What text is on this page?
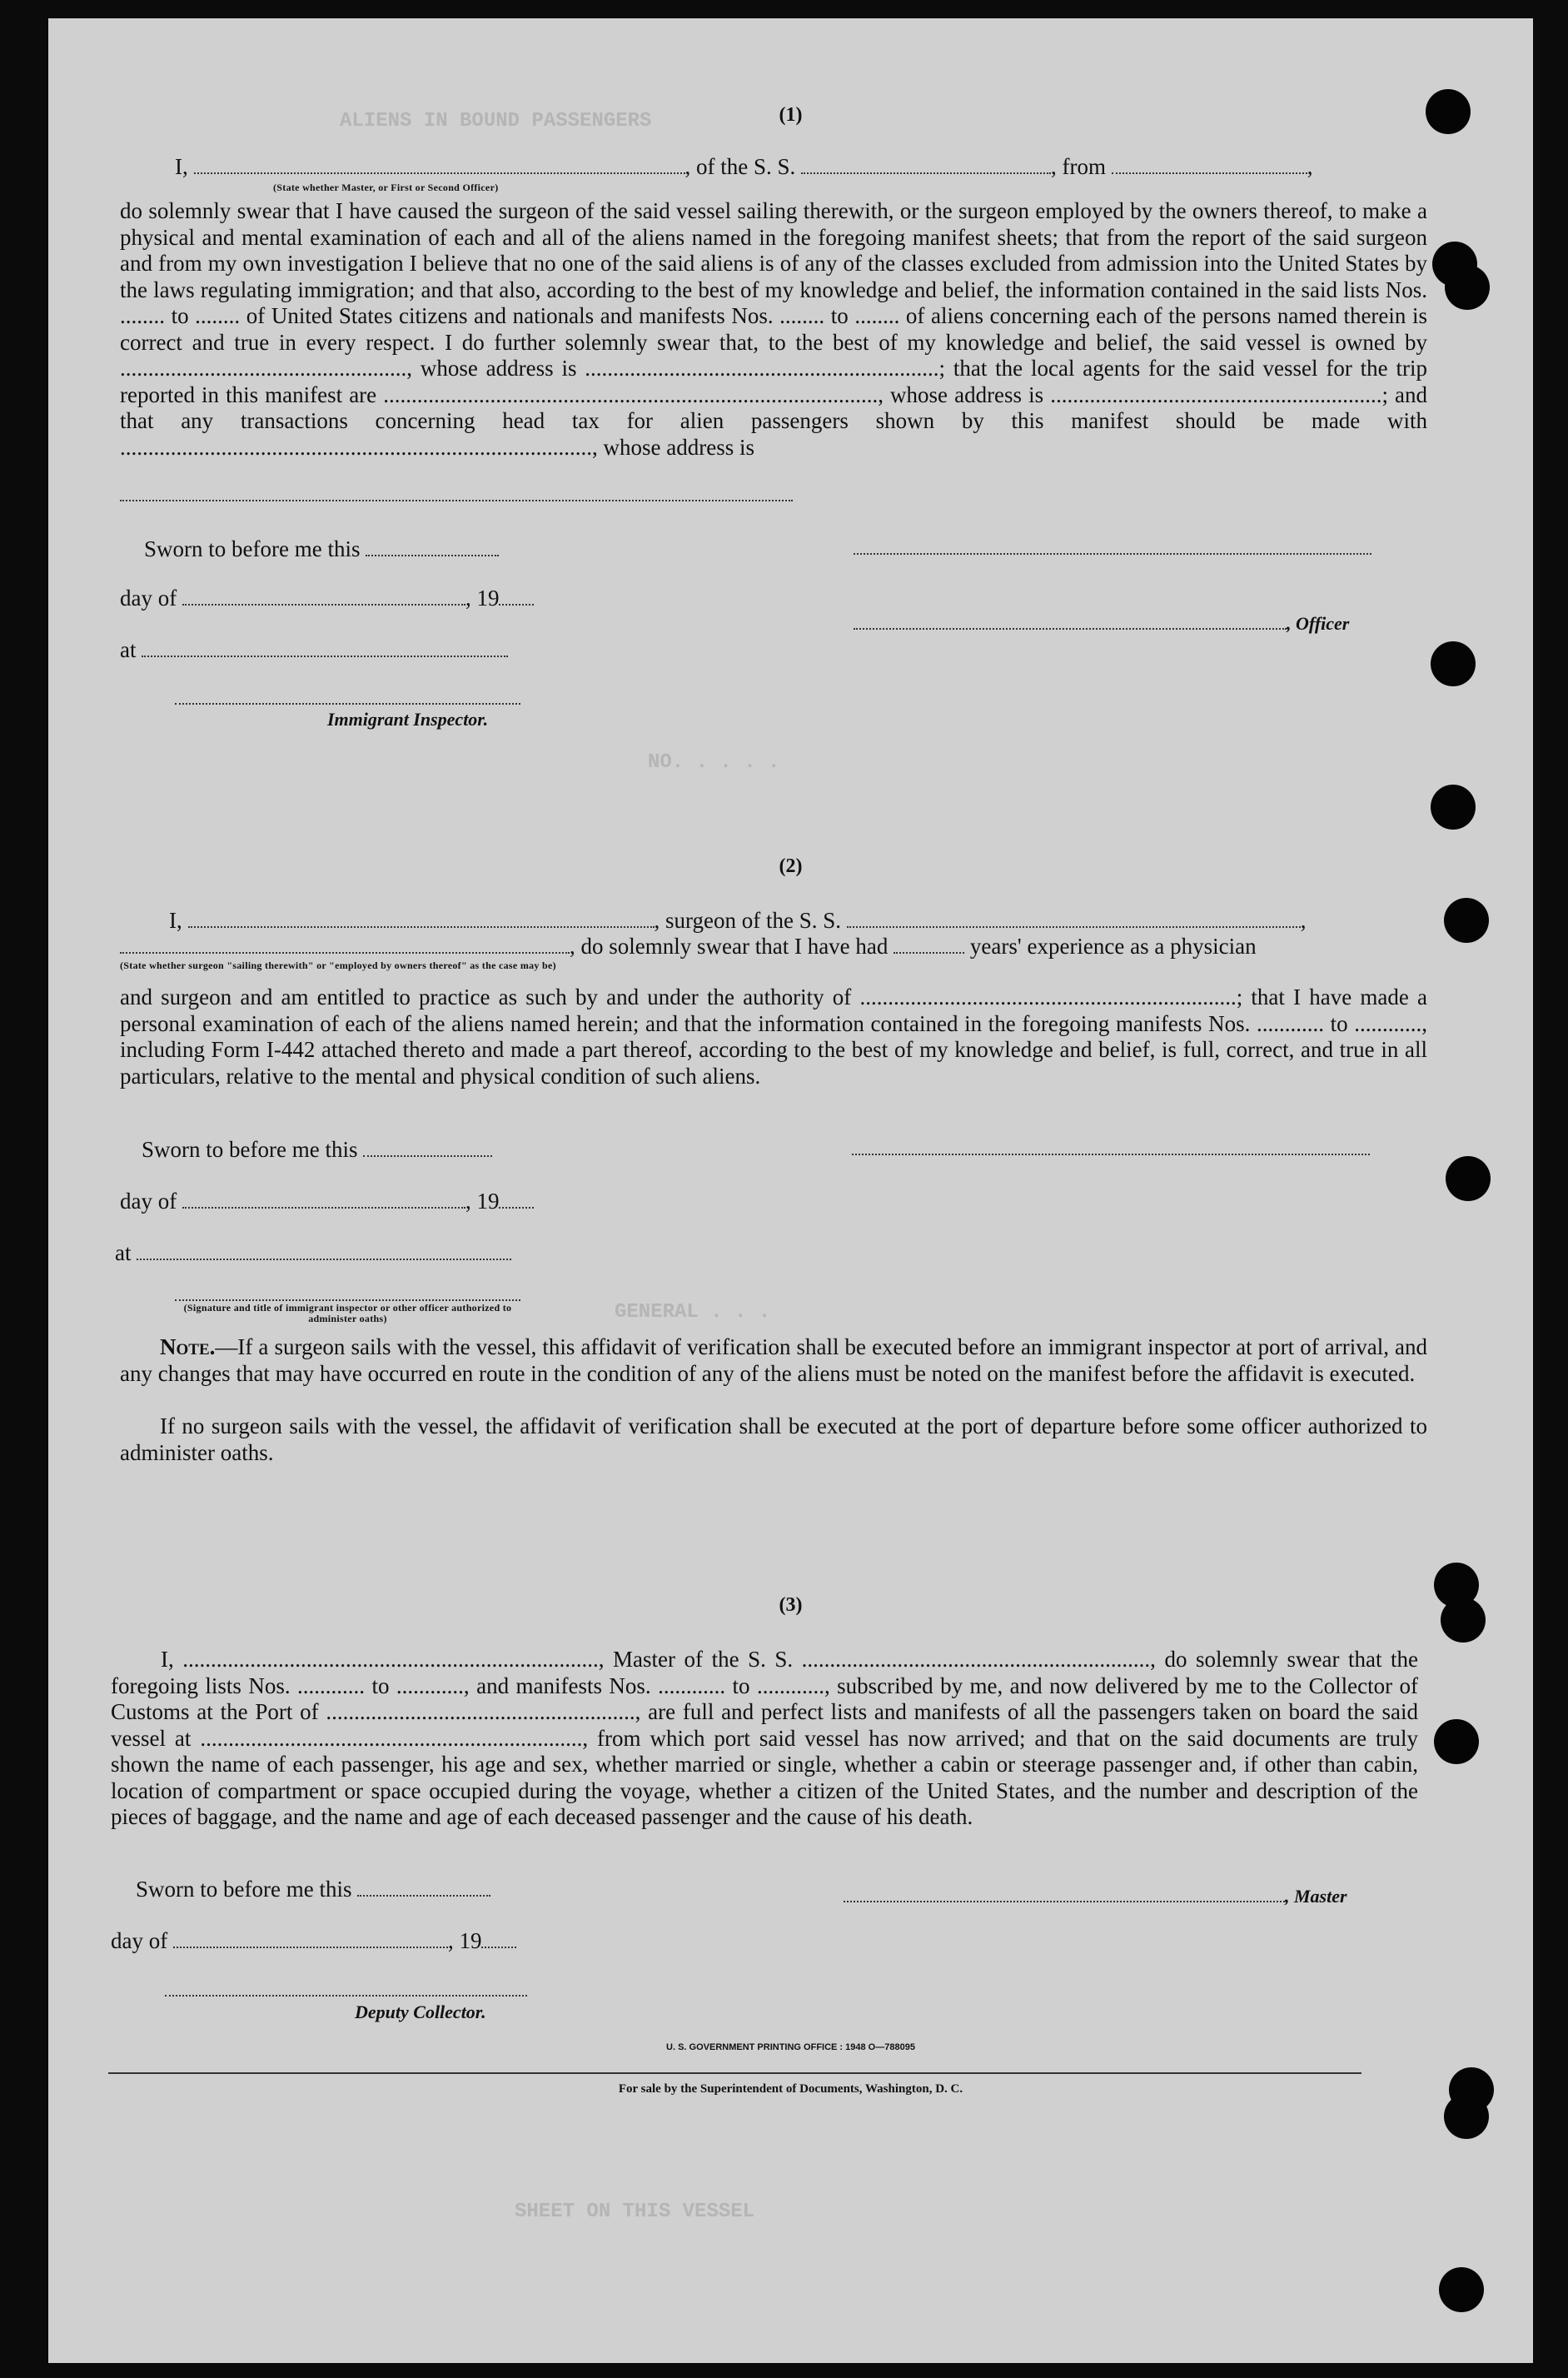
ALIENS IN BOUND PASSENGERS
NO. . . . .
GENERAL . . .
SHEET ON THIS VESSEL
(1)
I,	, of the S. S.	, from	,
(State whether Master, or First or Second Officer)
do solemnly swear that I have caused the surgeon of the said vessel sailing therewith, or the surgeon employed by the owners thereof, to make a physical and mental examination of each and all of the aliens named in the foregoing manifest sheets; that from the report of the said surgeon and from my own investigation I believe that no one of the said aliens is of any of the classes excluded from admission into the United States by the laws regulating immigration; and that also, according to the best of my knowledge and belief, the information contained in the said lists Nos. ........ to ........ of United States citizens and nationals and manifests Nos. ........ to ........ of aliens concerning each of the persons named therein is correct and true in every respect. I do further solemnly swear that, to the best of my knowledge and belief, the said vessel is owned by ..................................................., whose address is ...............................................................; that the local agents for the said vessel for the trip reported in this manifest are ........................................................................................, whose address is ...........................................................; and that any transactions concerning head tax for alien passengers shown by this manifest should be made with ...................................................................................., whose address is
Sworn to before me this
day of	, 19
, Officer
at
Immigrant Inspector.
(2)
I,	, surgeon of the S. S.	,
, do solemnly swear that I have had	years' experience as a physician
(State whether surgeon "sailing therewith" or "employed by owners thereof" as the case may be)
and surgeon and am entitled to practice as such by and under the authority of ...................................................................; that I have made a personal examination of each of the aliens named herein; and that the information contained in the foregoing manifests Nos. ............ to ............, including Form I-442 attached thereto and made a part thereof, according to the best of my knowledge and belief, is full, correct, and true in all particulars, relative to the mental and physical condition of such aliens.
Sworn to before me this
day of	, 19
at
(Signature and title of immigrant inspector or other officer authorized to administer oaths)
Note.—If a surgeon sails with the vessel, this affidavit of verification shall be executed before an immigrant inspector at port of arrival, and any changes that may have occurred en route in the condition of any of the aliens must be noted on the manifest before the affidavit is executed.
If no surgeon sails with the vessel, the affidavit of verification shall be executed at the port of departure before some officer authorized to administer oaths.
(3)
I, .........................................................................., Master of the S. S. .............................................................., do solemnly swear that the foregoing lists Nos. ............ to ............, and manifests Nos. ............ to ............, subscribed by me, and now delivered by me to the Collector of Customs at the Port of ......................................................., are full and perfect lists and manifests of all the passengers taken on board the said vessel at ...................................................................., from which port said vessel has now arrived; and that on the said documents are truly shown the name of each passenger, his age and sex, whether married or single, whether a cabin or steerage passenger and, if other than cabin, location of compartment or space occupied during the voyage, whether a citizen of the United States, and the number and description of the pieces of baggage, and the name and age of each deceased passenger and the cause of his death.
Sworn to before me this	, Master
day of	, 19
Deputy Collector.
U. S. GOVERNMENT PRINTING OFFICE : 1948 O—788095
For sale by the Superintendent of Documents, Washington, D. C.
